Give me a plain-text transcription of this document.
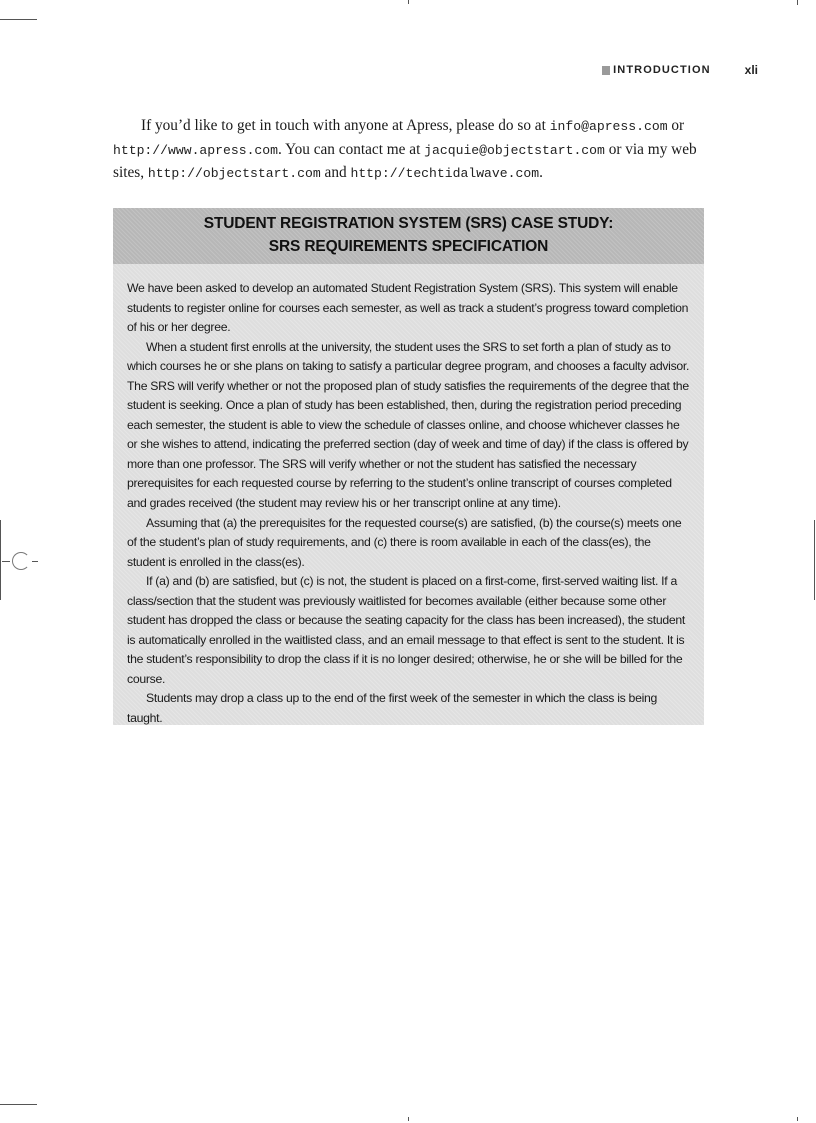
INTRODUCTION	xli

If you’d like to get in touch with anyone at Apress, please do so at info@apress.com or http://www.apress.com. You can contact me at jacquie@objectstart.com or via my web sites, http://objectstart.com and http://techtidalwave.com.

STUDENT REGISTRATION SYSTEM (SRS) CASE STUDY:
SRS REQUIREMENTS SPECIFICATION

We have been asked to develop an automated Student Registration System (SRS). This system will enable students to register online for courses each semester, as well as track a student’s progress toward completion of his or her degree.

When a student first enrolls at the university, the student uses the SRS to set forth a plan of study as to which courses he or she plans on taking to satisfy a particular degree program, and chooses a faculty advisor. The SRS will verify whether or not the proposed plan of study satisfies the requirements of the degree that the student is seeking. Once a plan of study has been established, then, during the registration period preceding each semester, the student is able to view the schedule of classes online, and choose whichever classes he or she wishes to attend, indicating the preferred section (day of week and time of day) if the class is offered by more than one professor. The SRS will verify whether or not the student has satisfied the necessary prerequisites for each requested course by referring to the student’s online transcript of courses completed and grades received (the student may review his or her transcript online at any time).

Assuming that (a) the prerequisites for the requested course(s) are satisfied, (b) the course(s) meets one of the student’s plan of study requirements, and (c) there is room available in each of the class(es), the student is enrolled in the class(es).

If (a) and (b) are satisfied, but (c) is not, the student is placed on a first-come, first-served waiting list. If a class/section that the student was previously waitlisted for becomes available (either because some other student has dropped the class or because the seating capacity for the class has been increased), the student is automatically enrolled in the waitlisted class, and an email message to that effect is sent to the student. It is the student’s responsibility to drop the class if it is no longer desired; otherwise, he or she will be billed for the course.

Students may drop a class up to the end of the first week of the semester in which the class is being taught.
